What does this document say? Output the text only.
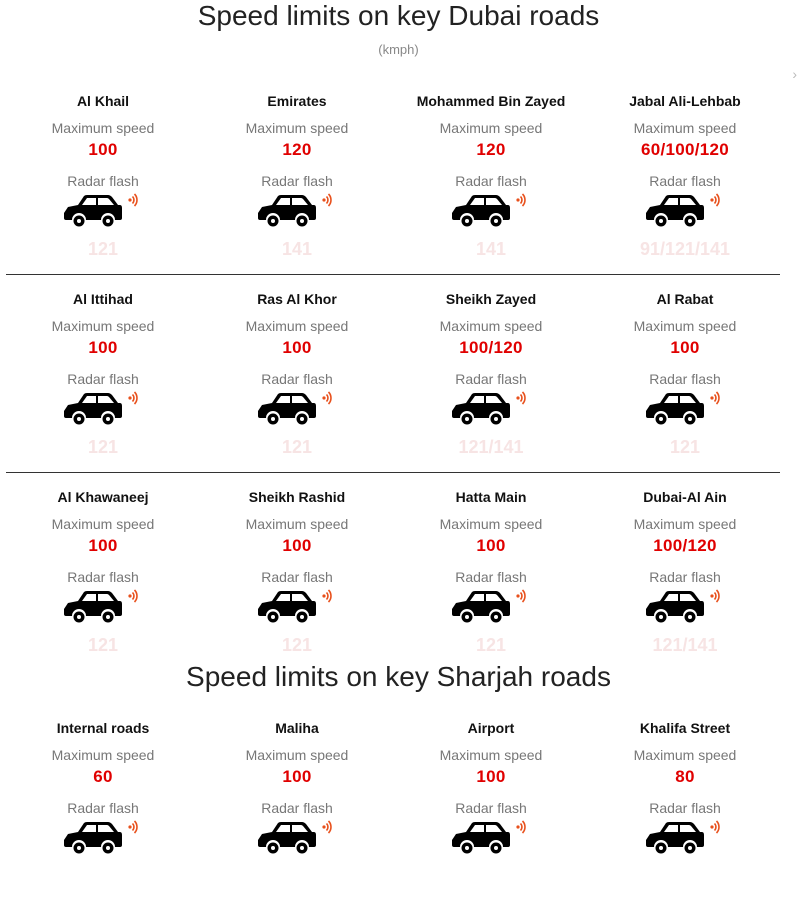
Speed limits on key Dubai roads
(kmph)
›
Al Khail
Maximum speed
100
Radar flash
121
Emirates
Maximum speed
120
Radar flash
141
Mohammed Bin Zayed
Maximum speed
120
Radar flash
141
Jabal Ali-Lehbab
Maximum speed
60/100/120
Radar flash
91/121/141
Al Ittihad
Maximum speed
100
Radar flash
121
Ras Al Khor
Maximum speed
100
Radar flash
121
Sheikh Zayed
Maximum speed
100/120
Radar flash
121/141
Al Rabat
Maximum speed
100
Radar flash
121
Al Khawaneej
Maximum speed
100
Radar flash
121
Sheikh Rashid
Maximum speed
100
Radar flash
121
Hatta Main
Maximum speed
100
Radar flash
121
Dubai-Al Ain
Maximum speed
100/120
Radar flash
121/141
Speed limits on key Sharjah roads
Internal roads
Maximum speed
60
Radar flash
Maliha
Maximum speed
100
Radar flash
Airport
Maximum speed
100
Radar flash
Khalifa Street
Maximum speed
80
Radar flash
